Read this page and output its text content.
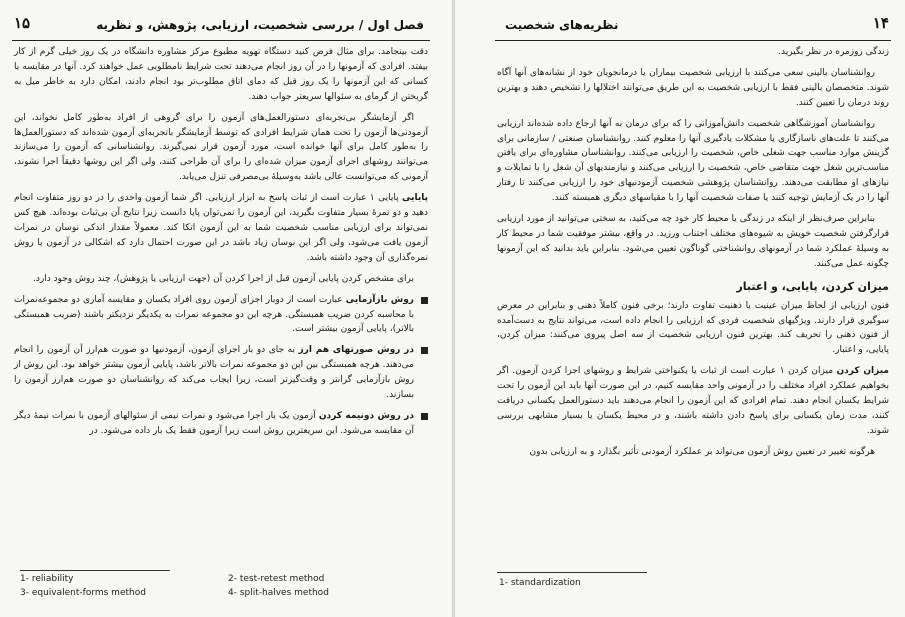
۱۵	فصل اول / بررسی شخصیت، ارزیابی، پژوهش، و نظریه

دقت بینجامد. برای مثال فرض کنید دستگاه تهویه مطبوع مرکز مشاوره دانشگاه در یک روز خیلی گرم از کار بیفتد. افرادی که آزمونها را در آن روز انجام می‌دهند تحت شرایط نامطلوبی عمل خواهند کرد. آنها در مقایسه با کسانی که این آزمونها را یک روز قبل که دمای اتاق مطلوب‌تر بود انجام دادند، امکان دارد به خاطر میل به گریختن از گرمای به سئوالها سریعتر جواب دهند.

اگر آزمایشگر بی‌تجربه‌ای دستورالعمل‌های آزمون را برای گروهی از افراد به‌طور کامل نخواند، این آزمودنی‌ها آزمون را تحت همان شرایط افرادی که توسط آزمایشگر باتجربه‌ای آزمون شده‌اند که دستورالعمل‌ها را به‌طور کامل برای آنها خوانده است، مورد آزمون قرار نمی‌گیرند. روانشناسانی که آزمون را می‌سازند می‌توانند روشهای اجرای آزمون میزان شده‌ای را برای آن طراحی کنند، ولی اگر این روشها دقیقاً اجرا نشوند، آزمونی که می‌توانست عالی باشد به‌وسیلهٔ بی‌مصرفی تنزل می‌یابد.

پایایی پایایی ۱ عبارت است از ثبات پاسخ به ابزار ارزیابی. اگر شما آزمون واحدی را در دو روز متفاوت انجام دهید و دو نمرهٔ بسیار متفاوت بگیرید، این آزمون را نمی‌توان پایا دانست زیرا نتایج آن بی‌ثبات بوده‌اند. هیچ کس نمی‌تواند برای ارزیابی مناسب شخصیت شما به این آزمون اتکا کند. معمولاً مقدار اندکی نوسان در نمرات آزمون یافت می‌شود، ولی اگر این نوسان زیاد باشد در این صورت احتمال دارد که اشکالی در آزمون یا روش نمره‌گذاری آن وجود داشته باشد.

برای مشخص کردن پایایی آزمون قبل از اجرا کردن آن (جهت ارزیابی یا پژوهش)، چند روش وجود دارد.

روش بازآزمایی عبارت است از دوبار اجرای آزمون روی افراد یکسان و مقایسه آماری دو مجموعه‌نمرات با محاسبه کردن ضریب همبستگی. هرچه این دو مجموعه نمرات به یکدیگر نزدیکتر باشند (ضریب همبستگی بالاتر)، پایایی آزمون بیشتر است.

در روش صورتهای هم ارز به جای دو بار اجرای آزمون، آزمودنیها دو صورت هم‌ارز آن آزمون را انجام می‌دهند. هرچه همبستگی بین این دو مجموعه نمرات بالاتر باشد، پایایی آزمون بیشتر خواهد بود. این روش از روش بازآزمایی گرانتر و وقت‌گیرتر است، زیرا ایجاب می‌کند که روانشناسان دو صورت هم‌ارز آزمون را بسازند.

در روش دونیمه کردن آزمون یک بار اجرا می‌شود و نمرات نیمی از سئوالهای آزمون با نمرات نیمهٔ دیگر آن مقایسه می‌شود. این سریعترین روش است زیرا آزمون فقط یک بار داده می‌شود. در

1- reliability	2- test-retest method
3- equivalent-forms method	4- split-halves method
۱۴
نظریه‌های شخصیت

زندگی روزمره در نظر بگیرید.

روانشناسان بالینی سعی می‌کنند با ارزیابی شخصیت بیماران یا درمانجویان خود از نشانه‌های آنها آگاه شوند. متخصصان بالینی فقط با ارزیابی شخصیت به این طریق می‌توانند اختلالها را تشخیص دهند و بهترین روند درمان را تعیین کنند.

روانشناسان آموزشگاهی شخصیت دانش‌آموزانی را که برای درمان به آنها ارجاع داده شده‌اند ارزیابی می‌کنند تا علت‌های ناسازگاری یا مشکلات یادگیری آنها را معلوم کنند. روانشناسان صنعتی / سازمانی برای گزینش موارد مناسب جهت شغلی خاص، شخصیت را ارزیابی می‌کنند. روانشناسان مشاوره‌ای برای یافتن مناسب‌ترین شغل جهت متقاضی خاص، شخصیت را ارزیابی می‌کنند و نیازمندیهای آن شغل را با تمایلات و نیازهای او مطابقت می‌دهند. روانشناسان پژوهشی شخصیت آزمودنیهای خود را ارزیابی می‌کنند تا رفتار آنها را در یک آزمایش توجیه کنند یا صفات شخصیت آنها را با مقیاسهای دیگری همبسته کنند.

بنابراین صرف‌نظر از اینکه در زندگی یا محیط کار خود چه می‌کنید، به سختی می‌توانید از مورد ارزیابی قرارگرفتن شخصیت خویش به شیوه‌های مختلف اجتناب ورزید. در واقع، بیشتر موفقیت شما در محیط کار به وسیلهٔ عملکرد شما در آزمونهای روانشناختی گوناگون تعیین می‌شود. بنابراین باید بدانید که این آزمونها چگونه عمل می‌کنند.

میزان کردن، پایایی، و اعتبار

فنون ارزیابی از لحاظ میزان عینیت یا ذهنیت تفاوت دارند؛ برخی فنون کاملاً ذهنی و بنابراین در معرض سوگیری قرار دارند. ویژگیهای شخصیت فردی که ارزیابی را انجام داده است، می‌تواند نتایج به دست‌آمده از فنون ذهنی را تحریف کند. بهترین فنون ارزیابی شخصیت از سه اصل پیروی می‌کنند: میزان کردن، پایایی، و اعتبار.

میزان کردن میزان کردن ۱ عبارت است از ثبات یا یکنواختی شرایط و روشهای اجرا کردن آزمون. اگر بخواهیم عملکرد افراد مختلف را در آزمونی واحد مقایسه کنیم، در این صورت آنها باید این آزمون را تحت شرایط یکسان انجام دهند. تمام افرادی که این آزمون را انجام می‌دهند باید دستورالعمل یکسانی دریافت کنند، مدت زمان یکسانی برای پاسخ دادن داشته باشند، و در محیط یکسان یا بسیار مشابهی بررسی شوند.

هرگونه تغییر در تعیین روش آزمون می‌تواند بر عملکرد آزمودنی تأثیر بگذارد و به ارزیابی بدون

1- standardization
